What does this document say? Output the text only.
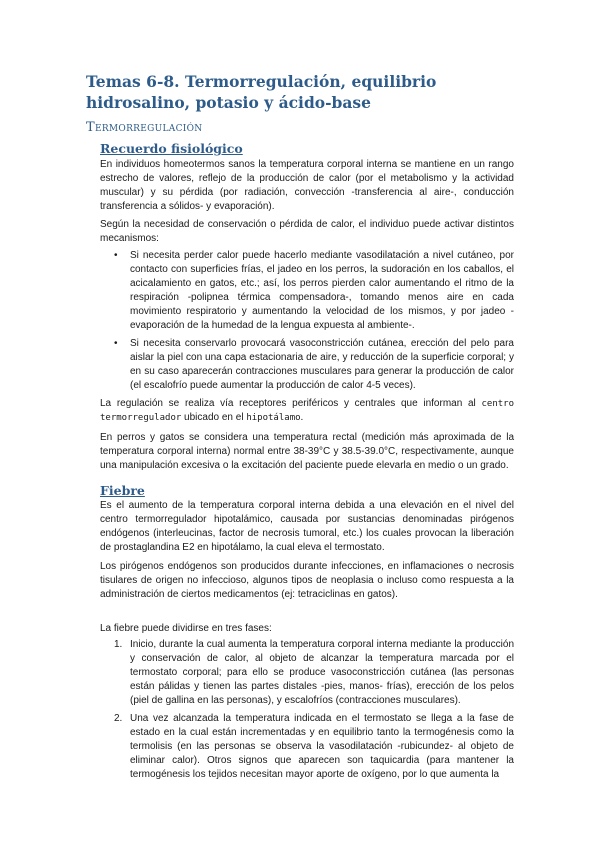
Temas 6-8. Termorregulación, equilibrio hidrosalino, potasio y ácido-base
Termorregulación
Recuerdo fisiológico

En individuos homeotermos sanos la temperatura corporal interna se mantiene en un rango estrecho de valores, reflejo de la producción de calor (por el metabolismo y la actividad muscular) y su pérdida (por radiación, convección -transferencia al aire-, conducción transferencia a sólidos- y evaporación).

Según la necesidad de conservación o pérdida de calor, el individuo puede activar distintos mecanismos:

• Si necesita perder calor puede hacerlo mediante vasodilatación a nivel cutáneo, por contacto con superficies frías, el jadeo en los perros, la sudoración en los caballos, el acicalamiento en gatos, etc.; así, los perros pierden calor aumentando el ritmo de la respiración -polipnea térmica compensadora-, tomando menos aire en cada movimiento respiratorio y aumentando la velocidad de los mismos, y por jadeo - evaporación de la humedad de la lengua expuesta al ambiente-.
• Si necesita conservarlo provocará vasoconstricción cutánea, erección del pelo para aislar la piel con una capa estacionaria de aire, y reducción de la superficie corporal; y en su caso aparecerán contracciones musculares para generar la producción de calor (el escalofrío puede aumentar la producción de calor 4-5 veces).

La regulación se realiza vía receptores periféricos y centrales que informan al centro termorregulador ubicado en el hipotálamo.

En perros y gatos se considera una temperatura rectal (medición más aproximada de la temperatura corporal interna) normal entre 38-39°C y 38.5-39.0°C, respectivamente, aunque una manipulación excesiva o la excitación del paciente puede elevarla en medio o un grado.

Fiebre

Es el aumento de la temperatura corporal interna debida a una elevación en el nivel del centro termorregulador hipotalámico, causada por sustancias denominadas pirógenos endógenos (interleucinas, factor de necrosis tumoral, etc.) los cuales provocan la liberación de prostaglandina E2 en hipotálamo, la cual eleva el termostato.

Los pirógenos endógenos son producidos durante infecciones, en inflamaciones o necrosis tisulares de origen no infeccioso, algunos tipos de neoplasia o incluso como respuesta a la administración de ciertos medicamentos (ej: tetraciclinas en gatos).

La fiebre puede dividirse en tres fases:

1. Inicio, durante la cual aumenta la temperatura corporal interna mediante la producción y conservación de calor, al objeto de alcanzar la temperatura marcada por el termostato corporal; para ello se produce vasoconstricción cutánea (las personas están pálidas y tienen las partes distales -pies, manos- frías), erección de los pelos (piel de gallina en las personas), y escalofríos (contracciones musculares).
2. Una vez alcanzada la temperatura indicada en el termostato se llega a la fase de estado en la cual están incrementadas y en equilibrio tanto la termogénesis como la termolisis (en las personas se observa la vasodilatación -rubicundez- al objeto de eliminar calor). Otros signos que aparecen son taquicardia (para mantener la termogénesis los tejidos necesitan mayor aporte de oxígeno, por lo que aumenta la
